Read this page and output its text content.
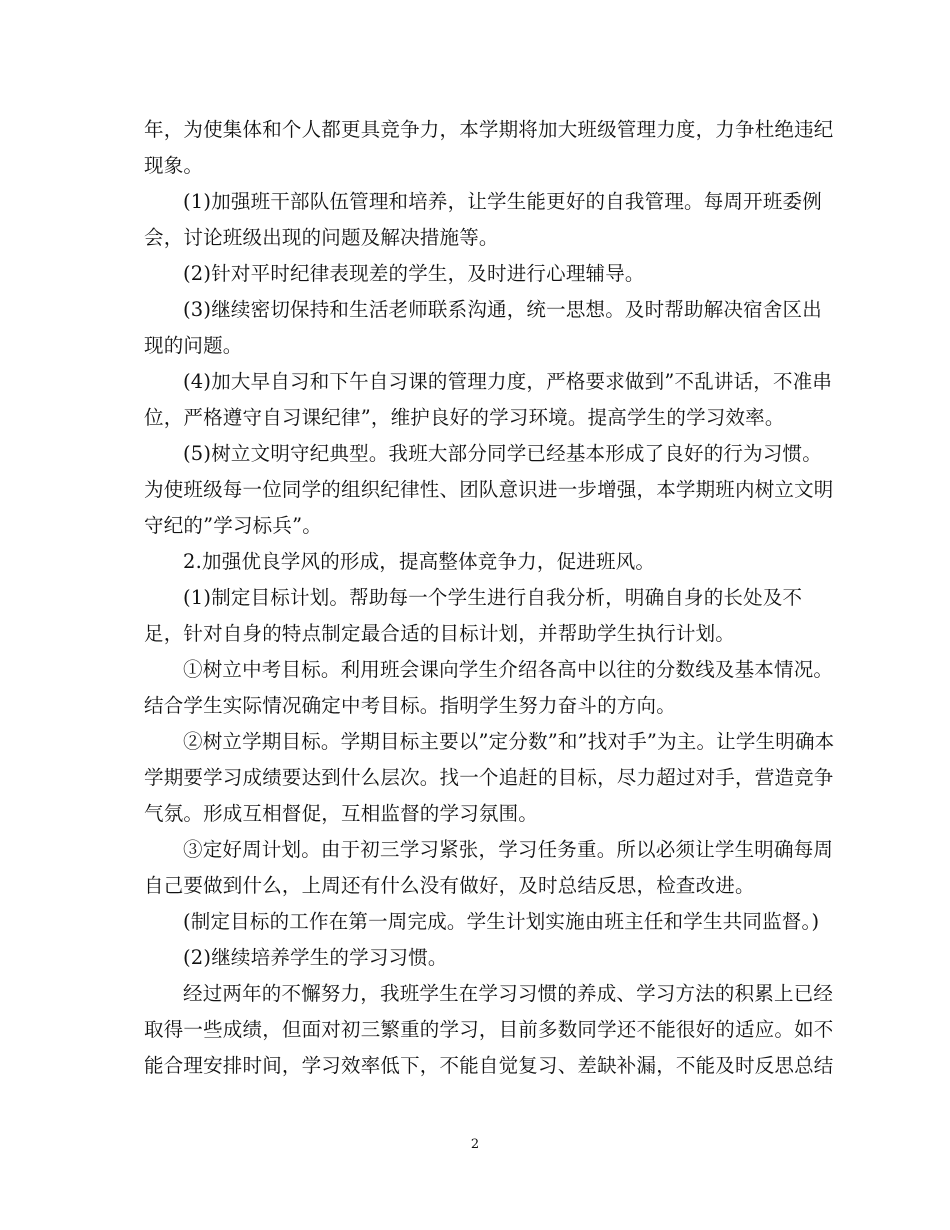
年，为使集体和个人都更具竞争力，本学期将加大班级管理力度，力争杜绝违纪
现象。
(1)加强班干部队伍管理和培养，让学生能更好的自我管理。每周开班委例
会，讨论班级出现的问题及解决措施等。
(2)针对平时纪律表现差的学生，及时进行心理辅导。
(3)继续密切保持和生活老师联系沟通，统一思想。及时帮助解决宿舍区出
现的问题。
(4)加大早自习和下午自习课的管理力度，严格要求做到”不乱讲话，不准串
位，严格遵守自习课纪律”，维护良好的学习环境。提高学生的学习效率。
(5)树立文明守纪典型。我班大部分同学已经基本形成了良好的行为习惯。
为使班级每一位同学的组织纪律性、团队意识进一步增强，本学期班内树立文明
守纪的”学习标兵”。
2.加强优良学风的形成，提高整体竞争力，促进班风。
(1)制定目标计划。帮助每一个学生进行自我分析，明确自身的长处及不
足，针对自身的特点制定最合适的目标计划，并帮助学生执行计划。
①树立中考目标。利用班会课向学生介绍各高中以往的分数线及基本情况。
结合学生实际情况确定中考目标。指明学生努力奋斗的方向。
②树立学期目标。学期目标主要以”定分数”和”找对手”为主。让学生明确本
学期要学习成绩要达到什么层次。找一个追赶的目标，尽力超过对手，营造竞争
气氛。形成互相督促，互相监督的学习氛围。
③定好周计划。由于初三学习紧张，学习任务重。所以必须让学生明确每周
自己要做到什么，上周还有什么没有做好，及时总结反思，检查改进。
(制定目标的工作在第一周完成。学生计划实施由班主任和学生共同监督。)
(2)继续培养学生的学习习惯。
经过两年的不懈努力，我班学生在学习习惯的养成、学习方法的积累上已经
取得一些成绩，但面对初三繁重的学习，目前多数同学还不能很好的适应。如不
能合理安排时间，学习效率低下，不能自觉复习、差缺补漏，不能及时反思总结
2
